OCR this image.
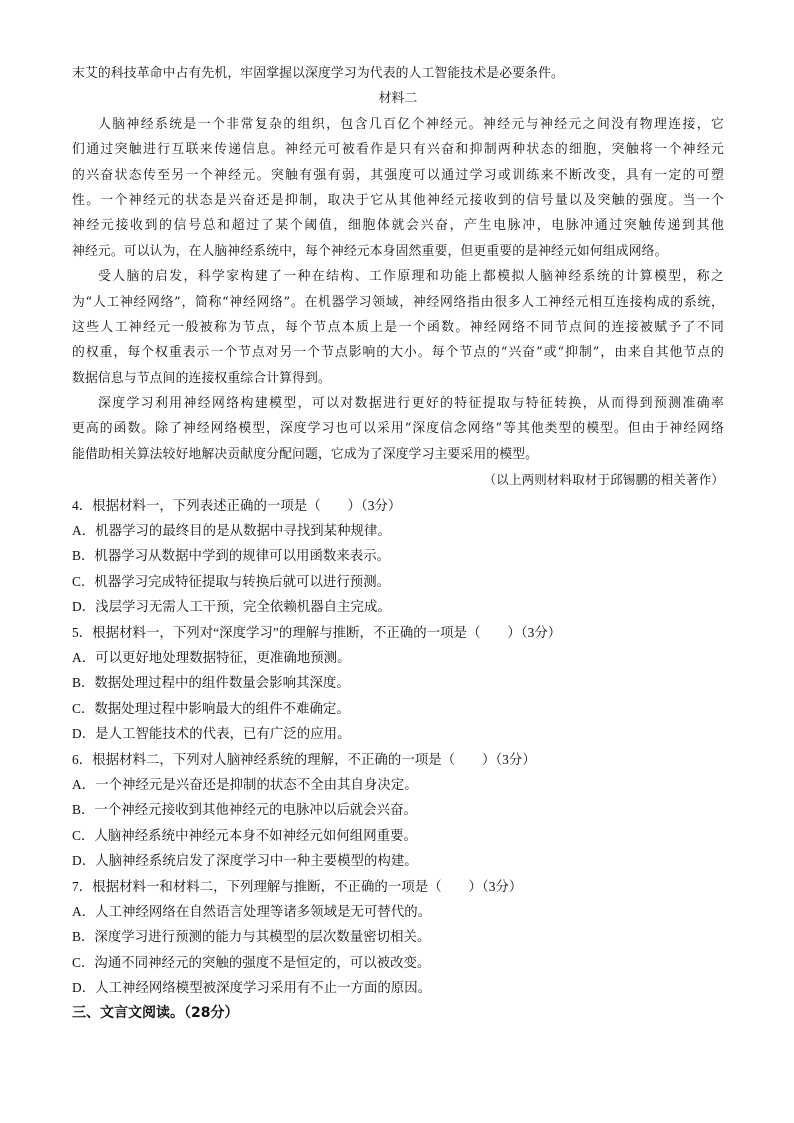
末艾的科技革命中占有先机，牢固掌握以深度学习为代表的人工智能技术是必要条件。
材料二
人脑神经系统是一个非常复杂的组织，包含几百亿个神经元。神经元与神经元之间没有物理连接，它
们通过突触进行互联来传递信息。神经元可被看作是只有兴奋和抑制两种状态的细胞，突触将一个神经元
的兴奋状态传至另一个神经元。突触有强有弱，其强度可以通过学习或训练来不断改变，具有一定的可塑
性。一个神经元的状态是兴奋还是抑制，取决于它从其他神经元接收到的信号量以及突触的强度。当一个
神经元接收到的信号总和超过了某个阈值，细胞体就会兴奋，产生电脉冲，电脉冲通过突触传递到其他
神经元。可以认为，在人脑神经系统中，每个神经元本身固然重要，但更重要的是神经元如何组成网络。
受人脑的启发，科学家构建了一种在结构、工作原理和功能上都模拟人脑神经系统的计算模型，称之
为“人工神经网络”，简称“神经网络”。在机器学习领域，神经网络指由很多人工神经元相互连接构成的系统，
这些人工神经元一般被称为节点，每个节点本质上是一个函数。神经网络不同节点间的连接被赋予了不同
的权重，每个权重表示一个节点对另一个节点影响的大小。每个节点的“兴奋”或“抑制”，由来自其他节点的
数据信息与节点间的连接权重综合计算得到。
深度学习利用神经网络构建模型，可以对数据进行更好的特征提取与特征转换，从而得到预测准确率
更高的函数。除了神经网络模型，深度学习也可以采用“深度信念网络”等其他类型的模型。但由于神经网络
能借助相关算法较好地解决贡献度分配问题，它成为了深度学习主要采用的模型。
（以上两则材料取材于邱锡鹏的相关著作）
4．根据材料一，下列表述正确的一项是（　　）（3分）
A．机器学习的最终目的是从数据中寻找到某种规律。
B．机器学习从数据中学到的规律可以用函数来表示。
C．机器学习完成特征提取与转换后就可以进行预测。
D．浅层学习无需人工干预，完全依赖机器自主完成。
5．根据材料一，下列对“深度学习”的理解与推断，不正确的一项是（　　）（3分）
A．可以更好地处理数据特征，更准确地预测。
B．数据处理过程中的组件数量会影响其深度。
C．数据处理过程中影响最大的组件不难确定。
D．是人工智能技术的代表，已有广泛的应用。
6．根据材料二，下列对人脑神经系统的理解，不正确的一项是（　　）（3分）
A．一个神经元是兴奋还是抑制的状态不全由其自身决定。
B．一个神经元接收到其他神经元的电脉冲以后就会兴奋。
C．人脑神经系统中神经元本身不如神经元如何组网重要。
D．人脑神经系统启发了深度学习中一种主要模型的构建。
7．根据材料一和材料二，下列理解与推断，不正确的一项是（　　）（3分）
A．人工神经网络在自然语言处理等诸多领域是无可替代的。
B．深度学习进行预测的能力与其模型的层次数量密切相关。
C．沟通不同神经元的突触的强度不是恒定的，可以被改变。
D．人工神经网络模型被深度学习采用有不止一方面的原因。
三、文言文阅读。（28分）
